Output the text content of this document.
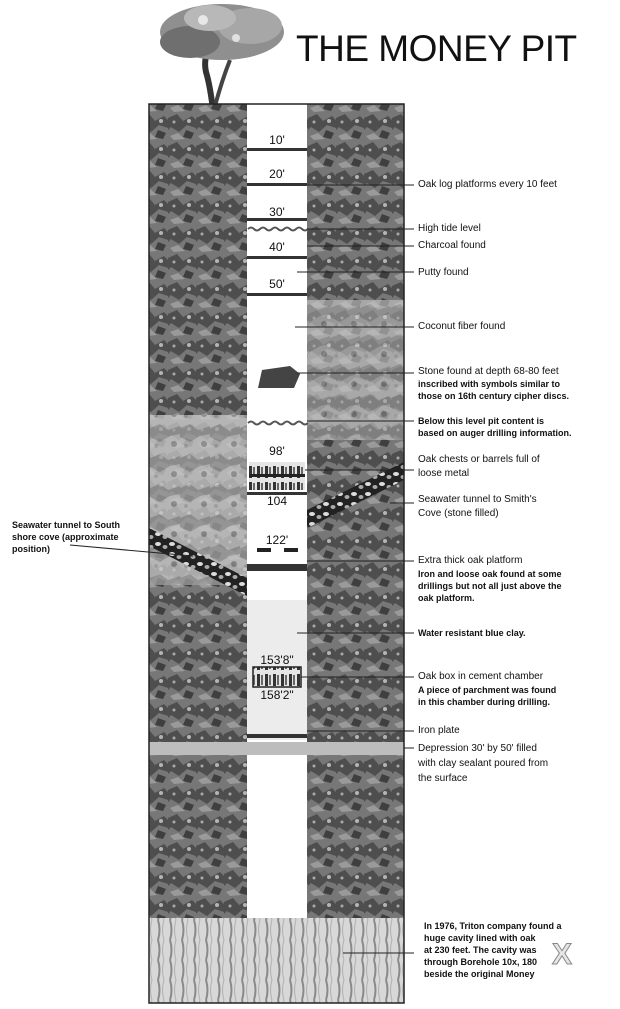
THE MONEY PIT
10'
20'
30'
40'
50'
98'
104
122'
153'8"
158'2"
Oak log platforms every 10 feet
High tide level
Charcoal found
Putty found
Coconut fiber found
Stone found at depth 68-80 feet
inscribed with symbols similar to
those on 16th century cipher discs.
Below this level pit content is
based on auger drilling information.
Oak chests or barrels full of
loose metal
Seawater tunnel to Smith's
Cove (stone filled)
Extra thick oak platform
Iron and loose oak found at some
drillings but not all just above the
oak platform.
Water resistant blue clay.
Oak box in cement chamber
A piece of parchment was found
in this chamber during drilling.
Iron plate
Depression 30' by 50' filled
with clay sealant poured from
the surface
Seawater tunnel to South
shore cove (approximate
position)
In 1976, Triton company found a
huge cavity lined with oak
at 230 feet. The cavity was
through Borehole 10x, 180
beside the original Money
X
